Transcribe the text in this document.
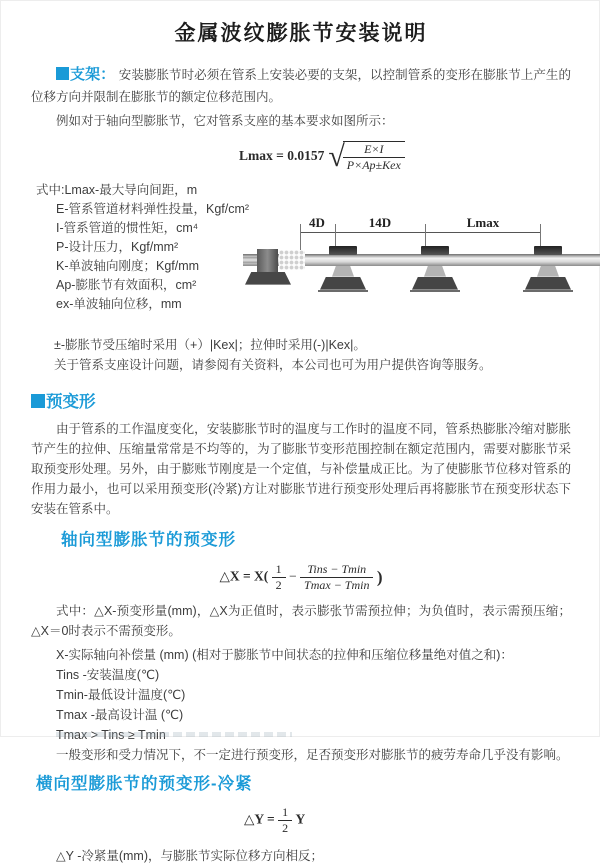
金属波纹膨胀节安装说明

支架： 安装膨胀节时必须在管系上安装必要的支架，以控制管系的变形在膨胀节上产生的位移方向并限制在膨胀节的额定位移范围内。

例如对于轴向型膨胀节，它对管系支座的基本要求如图所示：

Lmax = 0.0157 √
$\frac{E\times I}{\text{P×Ap±Kex}}$
式中:Lmax-最大导向间距，m
E-管系管道材料弹性投量，Kgf/cm²
I-管系管道的惯性矩，cm⁴
P-设计压力，Kgf/mm²
K-单波轴向刚度；Kgf/mm
Ap-膨胀节有效面积，cm²
ex-单波轴向位移，mm
4D	14D	Lmax
±-膨胀节受压缩时采用（+）|Kex|；拉伸时采用(-)|Kex|。
关于管系支座设计问题，请参阅有关资料，本公司也可为用户提供咨询等服务。
预变形

由于管系的工作温度变化，安装膨胀节时的温度与工作时的温度不同，管系热膨胀冷缩对膨胀节产生的拉伸、压缩量常常是不均等的，为了膨胀节变形范围控制在额定范围内，需要对膨胀节采取预变形处理。另外，由于膨账节刚度是一个定值，与补偿量成正比。为了使膨胀节位移对管系的作用力最小，也可以采用预变形(冷紧)方让对膨胀节进行预变形处理后再将膨胀节在预变形状态下安装在管系中。

轴向型膨胀节的预变形
△X = $X( \frac{1}{2} - \frac{\text{Tins − Tmin}}{Tmax - Tmin}$ )

式中：△X-预变形量(mm)，△X为正值时，表示膨张节需预拉伸；为负值时，表示需预压缩；△X＝0时表示不需预变形。

X-实际轴向补偿量 (mm) (相对于膨胀节中间状态的拉伸和压缩位移量绝对值之和)：

Tins -安装温度(℃)

Tmin-最低设计温度(℃)

Tmax -最高设计温 (℃)

Tmax > Tins ≥ Tmin

一般变形和受力情况下，不一定进行预变形，足否预变形对膨胀节的疲劳寿命几乎没有影响。

横向型膨胀节的预变形-冷紧
△Y = $\frac{1}{2}$ Y

△Y -冷紧量(mm)，与膨胀节实际位移方向相反；
